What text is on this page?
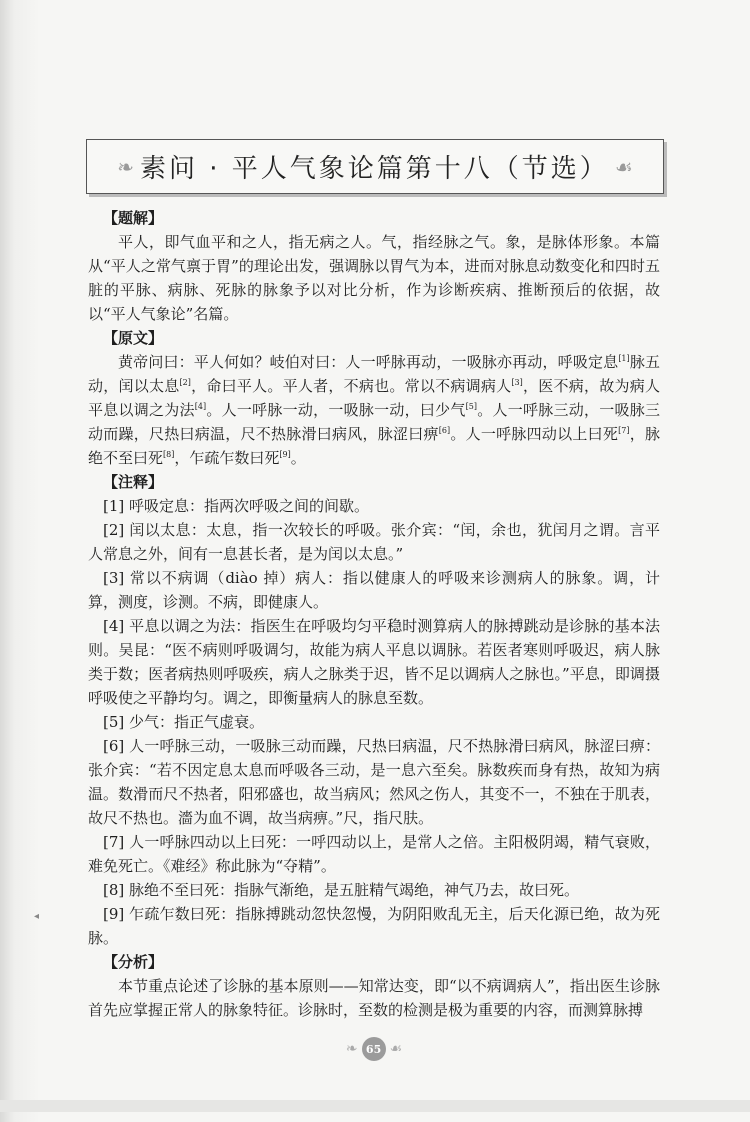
❧ 素问 · 平人气象论篇第十八（节选） ☙

【题解】

平人，即气血平和之人，指无病之人。气，指经脉之气。象，是脉体形象。本篇从“平人之常气禀于胃”的理论出发，强调脉以胃气为本，进而对脉息动数变化和四时五脏的平脉、病脉、死脉的脉象予以对比分析，作为诊断疾病、推断预后的依据，故以“平人气象论”名篇。

【原文】

黄帝问曰：平人何如？岐伯对曰：人一呼脉再动，一吸脉亦再动，呼吸定息[1]脉五动，闰以太息[2]，命曰平人。平人者，不病也。常以不病调病人[3]，医不病，故为病人平息以调之为法[4]。人一呼脉一动，一吸脉一动，曰少气[5]。人一呼脉三动，一吸脉三动而躁，尺热曰病温，尺不热脉滑曰病风，脉涩曰痹[6]。人一呼脉四动以上曰死[7]，脉绝不至曰死[8]，乍疏乍数曰死[9]。

【注释】

[1] 呼吸定息：指两次呼吸之间的间歇。

[2] 闰以太息：太息，指一次较长的呼吸。张介宾：“闰，余也，犹闰月之谓。言平人常息之外，间有一息甚长者，是为闰以太息。”

[3] 常以不病调（diào 掉）病人：指以健康人的呼吸来诊测病人的脉象。调，计算，测度，诊测。不病，即健康人。

[4] 平息以调之为法：指医生在呼吸均匀平稳时测算病人的脉搏跳动是诊脉的基本法则。吴昆：“医不病则呼吸调匀，故能为病人平息以调脉。若医者寒则呼吸迟，病人脉类于数；医者病热则呼吸疾，病人之脉类于迟，皆不足以调病人之脉也。”平息，即调摄呼吸使之平静均匀。调之，即衡量病人的脉息至数。

[5] 少气：指正气虚衰。

[6] 人一呼脉三动，一吸脉三动而躁，尺热曰病温，尺不热脉滑曰病风，脉涩曰痹：张介宾：“若不因定息太息而呼吸各三动，是一息六至矣。脉数疾而身有热，故知为病温。数滑而尺不热者，阳邪盛也，故当病风；然风之伤人，其变不一，不独在于肌表，故尺不热也。濇为血不调，故当病痹。”尺，指尺肤。

[7] 人一呼脉四动以上曰死：一呼四动以上，是常人之倍。主阳极阴竭，精气衰败，难免死亡。《难经》称此脉为“夺精”。

[8] 脉绝不至曰死：指脉气渐绝，是五脏精气竭绝，神气乃去，故曰死。

[9] 乍疏乍数曰死：指脉搏跳动忽快忽慢，为阴阳败乱无主，后天化源已绝，故为死脉。

【分析】

本节重点论述了诊脉的基本原则——知常达变，即“以不病调病人”，指出医生诊脉首先应掌握正常人的脉象特征。诊脉时，至数的检测是极为重要的内容，而测算脉搏

❧ 65 ☙
◂
